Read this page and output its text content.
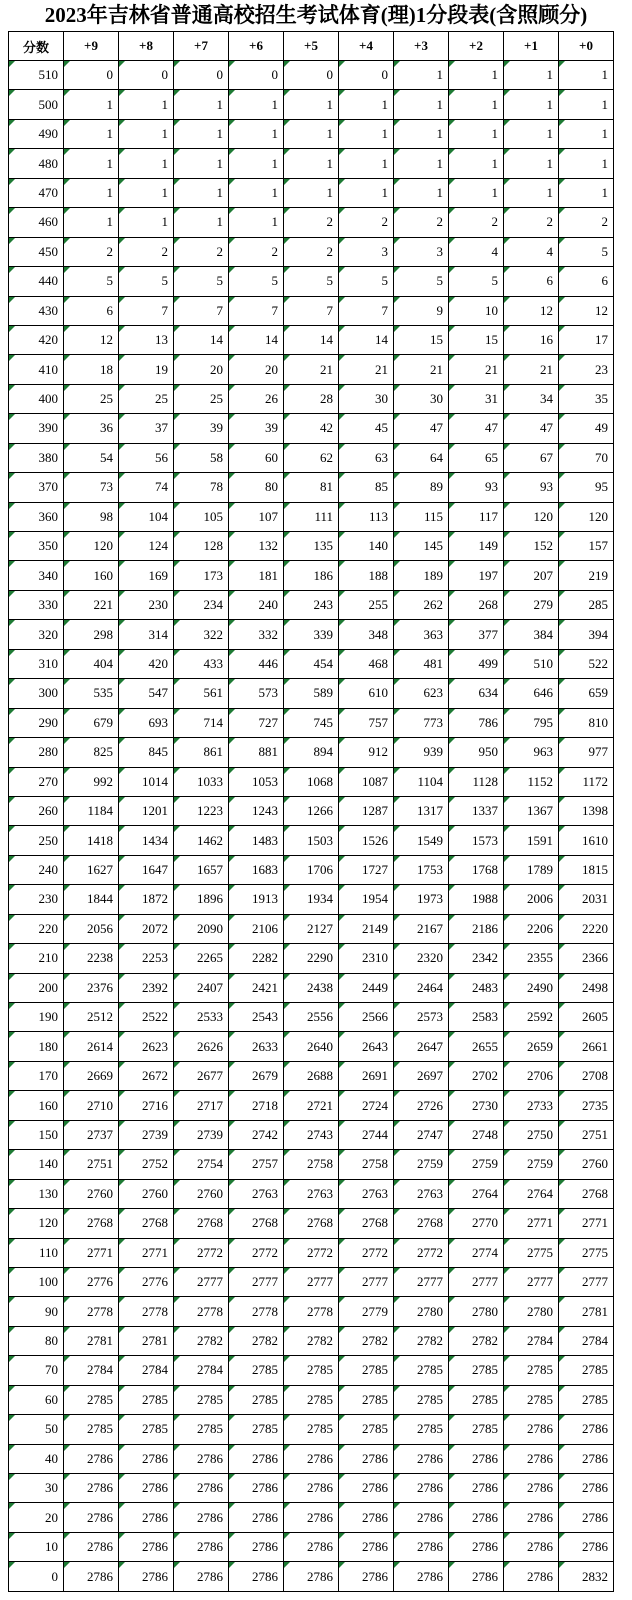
2023年吉林省普通高校招生考试体育(理)1分段表(含照顾分)
分数	+9	+8	+7	+6	+5	+4	+3	+2	+1	+0
510	0	0	0	0	0	0	1	1	1	1
500	1	1	1	1	1	1	1	1	1	1
490	1	1	1	1	1	1	1	1	1	1
480	1	1	1	1	1	1	1	1	1	1
470	1	1	1	1	1	1	1	1	1	1
460	1	1	1	1	2	2	2	2	2	2
450	2	2	2	2	2	3	3	4	4	5
440	5	5	5	5	5	5	5	5	6	6
430	6	7	7	7	7	7	9	10	12	12
420	12	13	14	14	14	14	15	15	16	17
410	18	19	20	20	21	21	21	21	21	23
400	25	25	25	26	28	30	30	31	34	35
390	36	37	39	39	42	45	47	47	47	49
380	54	56	58	60	62	63	64	65	67	70
370	73	74	78	80	81	85	89	93	93	95
360	98	104	105	107	111	113	115	117	120	120
350	120	124	128	132	135	140	145	149	152	157
340	160	169	173	181	186	188	189	197	207	219
330	221	230	234	240	243	255	262	268	279	285
320	298	314	322	332	339	348	363	377	384	394
310	404	420	433	446	454	468	481	499	510	522
300	535	547	561	573	589	610	623	634	646	659
290	679	693	714	727	745	757	773	786	795	810
280	825	845	861	881	894	912	939	950	963	977
270	992	1014	1033	1053	1068	1087	1104	1128	1152	1172
260	1184	1201	1223	1243	1266	1287	1317	1337	1367	1398
250	1418	1434	1462	1483	1503	1526	1549	1573	1591	1610
240	1627	1647	1657	1683	1706	1727	1753	1768	1789	1815
230	1844	1872	1896	1913	1934	1954	1973	1988	2006	2031
220	2056	2072	2090	2106	2127	2149	2167	2186	2206	2220
210	2238	2253	2265	2282	2290	2310	2320	2342	2355	2366
200	2376	2392	2407	2421	2438	2449	2464	2483	2490	2498
190	2512	2522	2533	2543	2556	2566	2573	2583	2592	2605
180	2614	2623	2626	2633	2640	2643	2647	2655	2659	2661
170	2669	2672	2677	2679	2688	2691	2697	2702	2706	2708
160	2710	2716	2717	2718	2721	2724	2726	2730	2733	2735
150	2737	2739	2739	2742	2743	2744	2747	2748	2750	2751
140	2751	2752	2754	2757	2758	2758	2759	2759	2759	2760
130	2760	2760	2760	2763	2763	2763	2763	2764	2764	2768
120	2768	2768	2768	2768	2768	2768	2768	2770	2771	2771
110	2771	2771	2772	2772	2772	2772	2772	2774	2775	2775
100	2776	2776	2777	2777	2777	2777	2777	2777	2777	2777
90	2778	2778	2778	2778	2778	2779	2780	2780	2780	2781
80	2781	2781	2782	2782	2782	2782	2782	2782	2784	2784
70	2784	2784	2784	2785	2785	2785	2785	2785	2785	2785
60	2785	2785	2785	2785	2785	2785	2785	2785	2785	2785
50	2785	2785	2785	2785	2785	2785	2785	2785	2786	2786
40	2786	2786	2786	2786	2786	2786	2786	2786	2786	2786
30	2786	2786	2786	2786	2786	2786	2786	2786	2786	2786
20	2786	2786	2786	2786	2786	2786	2786	2786	2786	2786
10	2786	2786	2786	2786	2786	2786	2786	2786	2786	2786
0	2786	2786	2786	2786	2786	2786	2786	2786	2786	2832
